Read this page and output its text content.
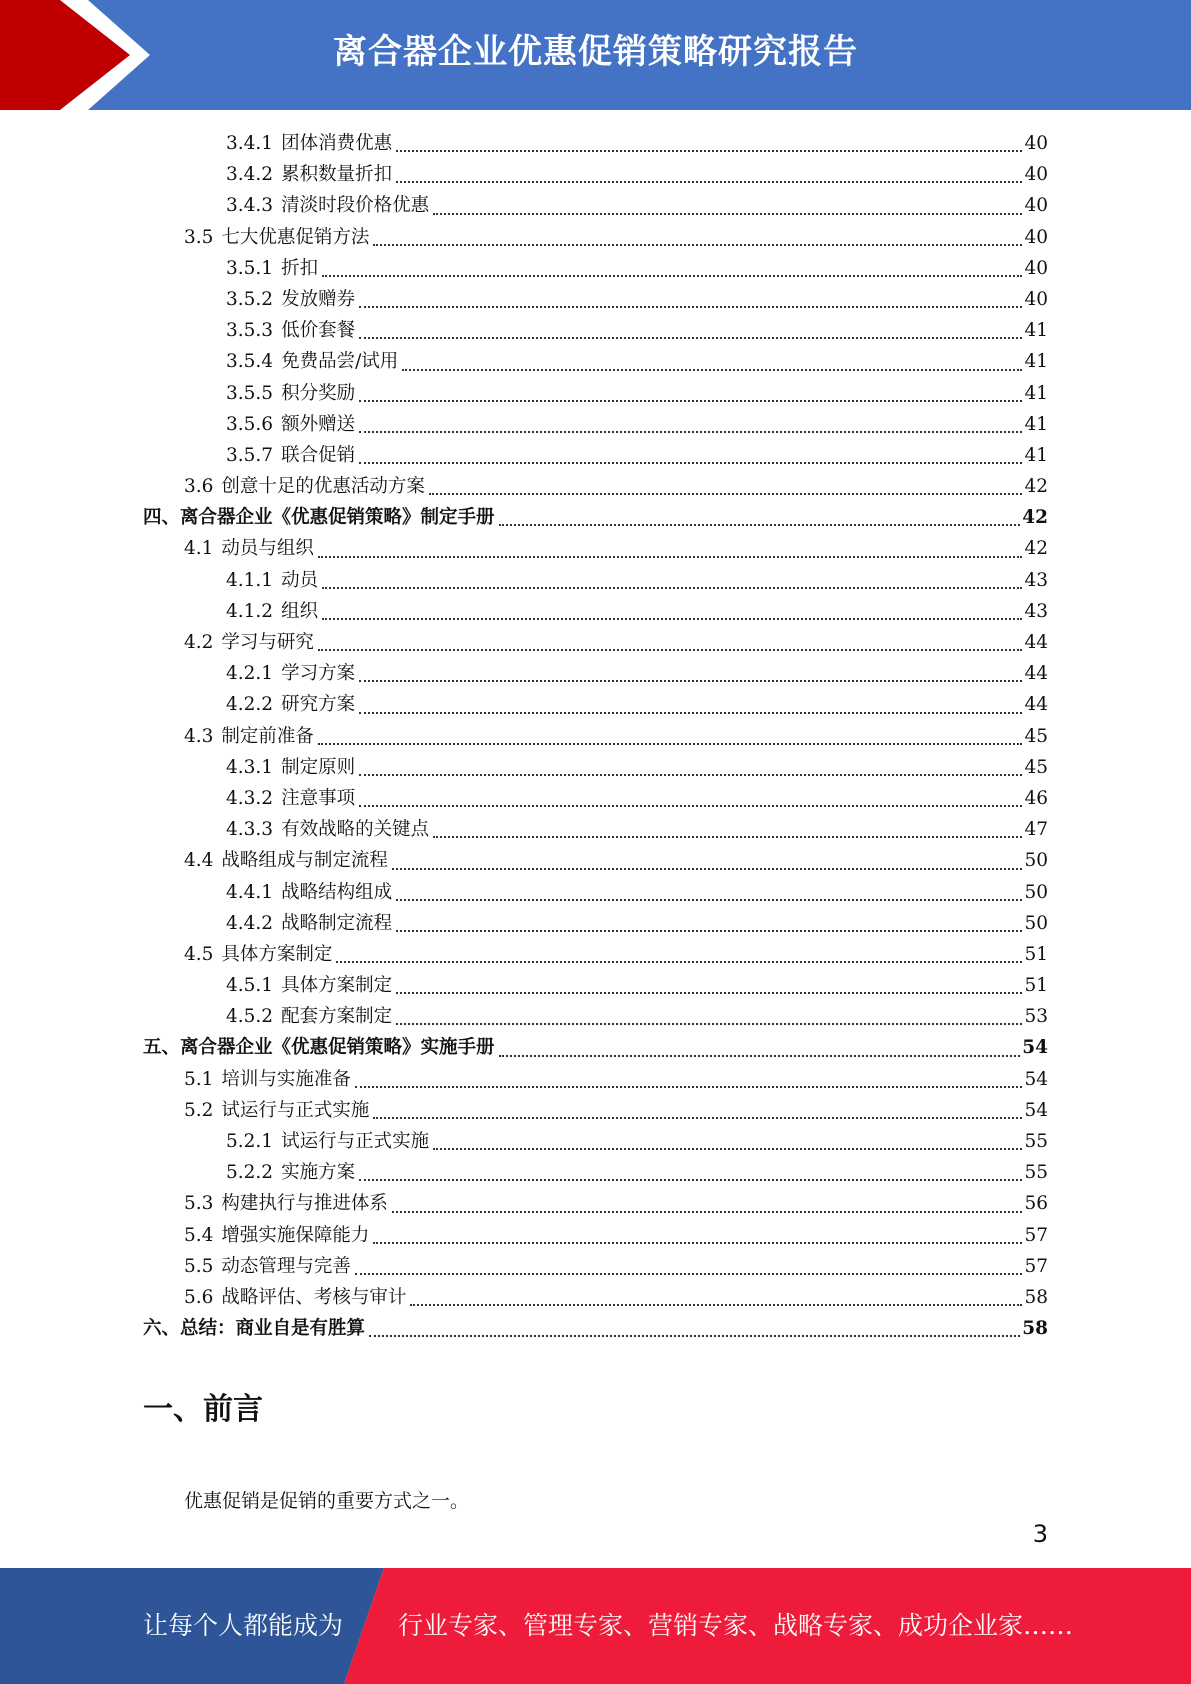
离合器企业优惠促销策略研究报告
3.4.1 团体消费优惠	40
3.4.2 累积数量折扣	40
3.4.3 清淡时段价格优惠	40
3.5 七大优惠促销方法	40
3.5.1 折扣	40
3.5.2 发放赠券	40
3.5.3 低价套餐	41
3.5.4 免费品尝/试用	41
3.5.5 积分奖励	41
3.5.6 额外赠送	41
3.5.7 联合促销	41
3.6 创意十足的优惠活动方案	42
四、 离合器企业《优惠促销策略》制定手册	42
4.1 动员与组织	42
4.1.1 动员	43
4.1.2 组织	43
4.2 学习与研究	44
4.2.1 学习方案	44
4.2.2 研究方案	44
4.3 制定前准备	45
4.3.1 制定原则	45
4.3.2 注意事项	46
4.3.3 有效战略的关键点	47
4.4 战略组成与制定流程	50
4.4.1 战略结构组成	50
4.4.2 战略制定流程	50
4.5 具体方案制定	51
4.5.1 具体方案制定	51
4.5.2 配套方案制定	53
五、 离合器企业《优惠促销策略》实施手册	54
5.1 培训与实施准备	54
5.2 试运行与正式实施	54
5.2.1 试运行与正式实施	55
5.2.2 实施方案	55
5.3 构建执行与推进体系	56
5.4 增强实施保障能力	57
5.5 动态管理与完善	57
5.6 战略评估、考核与审计	58
六、 总结：商业自是有胜算	58
一、前言

优惠促销是促销的重要方式之一。

3
让每个人都能成为 行业专家、管理专家、营销专家、战略专家、成功企业家……
